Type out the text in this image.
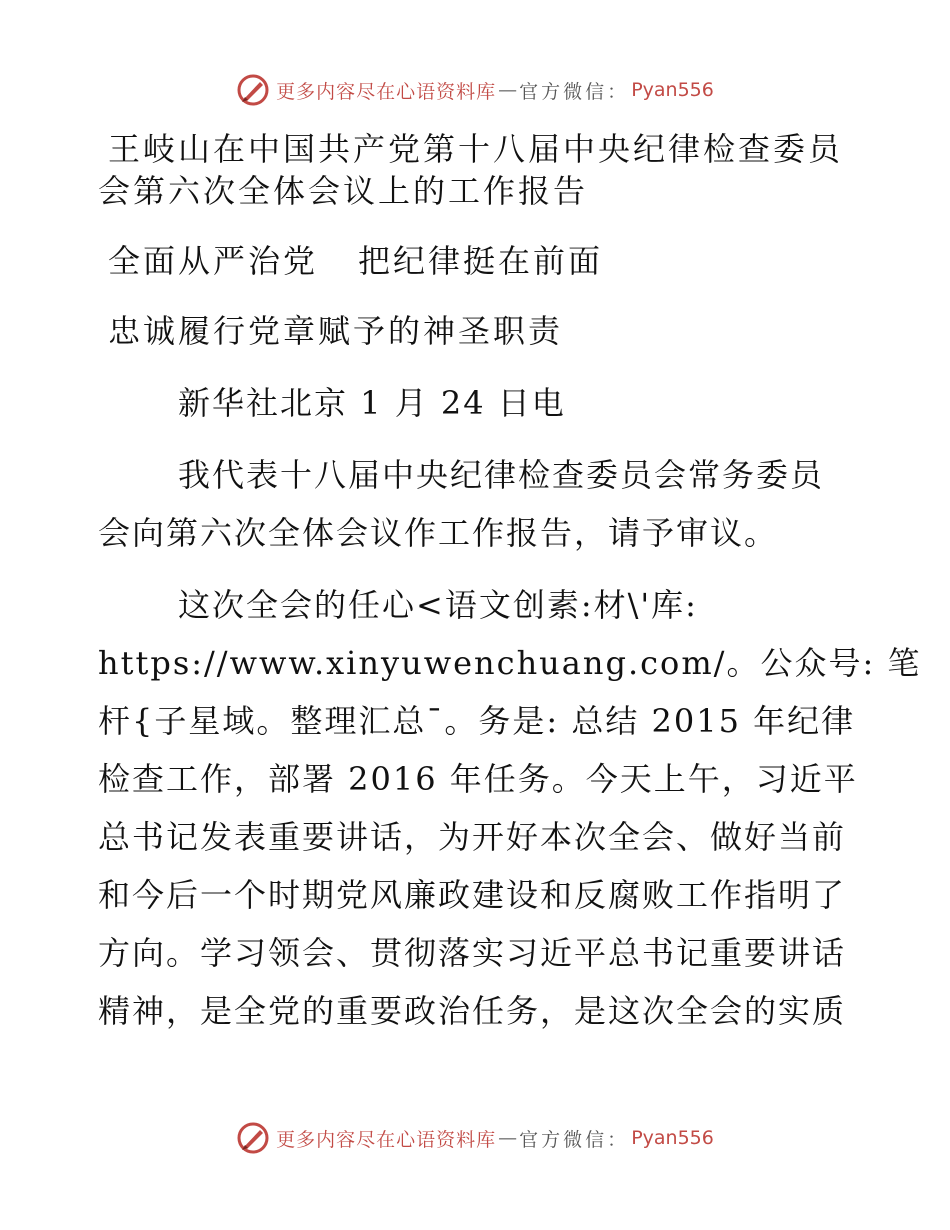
更多内容尽在心语资料库 — 官方微信： Pyan556
王岐山在中国共产党第十八届中央纪律检查委员
会第六次全体会议上的工作报告
全面从严治党 把纪律挺在前面
忠诚履行党章赋予的神圣职责
新华社北京 1 月 24 日电
我代表十八届中央纪律检查委员会常务委员
会向第六次全体会议作工作报告，请予审议。
这次全会的任心<语文创素:材\'库:
https://www.xinyuwenchuang.com/。公众号: 笔
杆{子星域。整理汇总¯。务是: 总结 2015 年纪律
检查工作，部署 2016 年任务。今天上午，习近平
总书记发表重要讲话，为开好本次全会、做好当前
和今后一个时期党风廉政建设和反腐败工作指明了
方向。学习领会、贯彻落实习近平总书记重要讲话
精神，是全党的重要政治任务，是这次全会的实质
更多内容尽在心语资料库 — 官方微信： Pyan556
